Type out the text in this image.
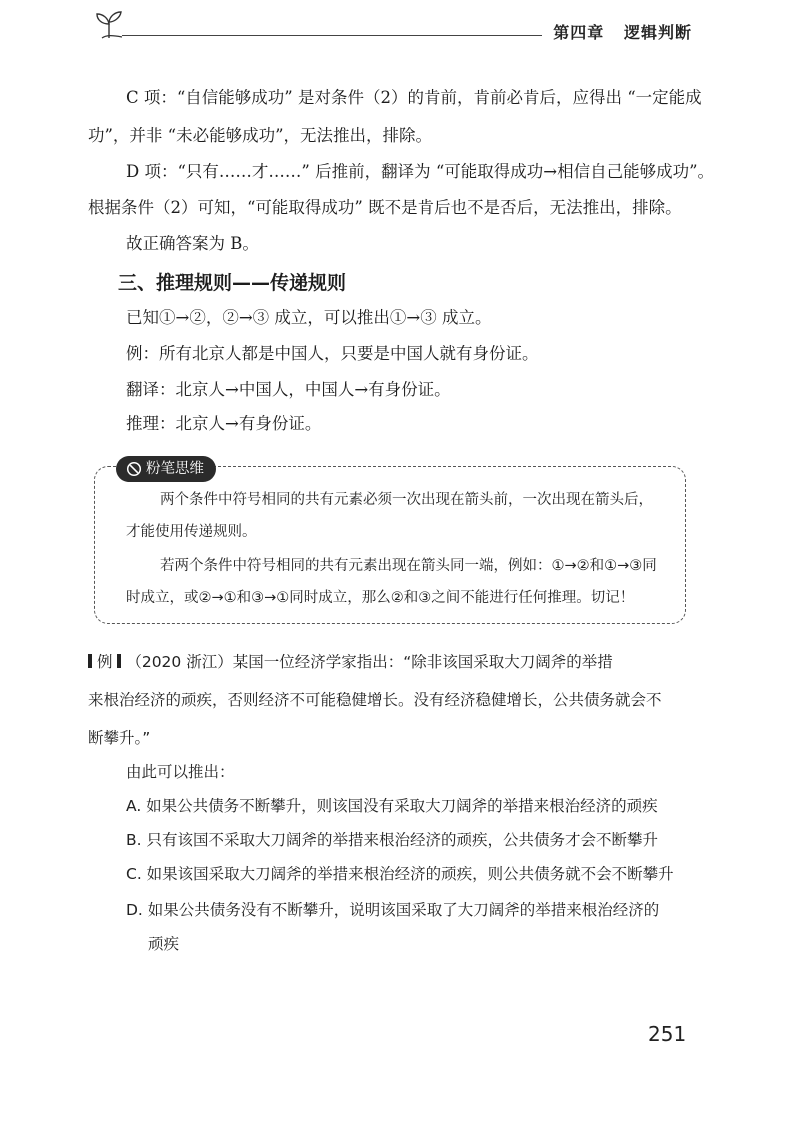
第四章 逻辑判断
C 项：“自信能够成功” 是对条件（2）的肯前，肯前必肯后，应得出 “一定能成
功”，并非 “未必能够成功”，无法推出，排除。
D 项：“只有……才……” 后推前，翻译为 “可能取得成功→相信自己能够成功”。
根据条件（2）可知，“可能取得成功” 既不是肯后也不是否后，无法推出，排除。
故正确答案为 B。
三、推理规则——传递规则
已知①→②，②→③ 成立，可以推出①→③ 成立。
例：所有北京人都是中国人，只要是中国人就有身份证。
翻译：北京人→中国人，中国人→有身份证。
推理：北京人→有身份证。
粉笔思维
两个条件中符号相同的共有元素必须一次出现在箭头前，一次出现在箭头后，
才能使用传递规则。
若两个条件中符号相同的共有元素出现在箭头同一端，例如：①→②和①→③同
时成立，或②→①和③→①同时成立，那么②和③之间不能进行任何推理。切记！
例 （2020 浙江）某国一位经济学家指出：“除非该国采取大刀阔斧的举措
来根治经济的顽疾，否则经济不可能稳健增长。没有经济稳健增长，公共债务就会不
断攀升。”
由此可以推出：
A. 如果公共债务不断攀升，则该国没有采取大刀阔斧的举措来根治经济的顽疾
B. 只有该国不采取大刀阔斧的举措来根治经济的顽疾，公共债务才会不断攀升
C. 如果该国采取大刀阔斧的举措来根治经济的顽疾，则公共债务就不会不断攀升
D. 如果公共债务没有不断攀升，说明该国采取了大刀阔斧的举措来根治经济的
顽疾
251
